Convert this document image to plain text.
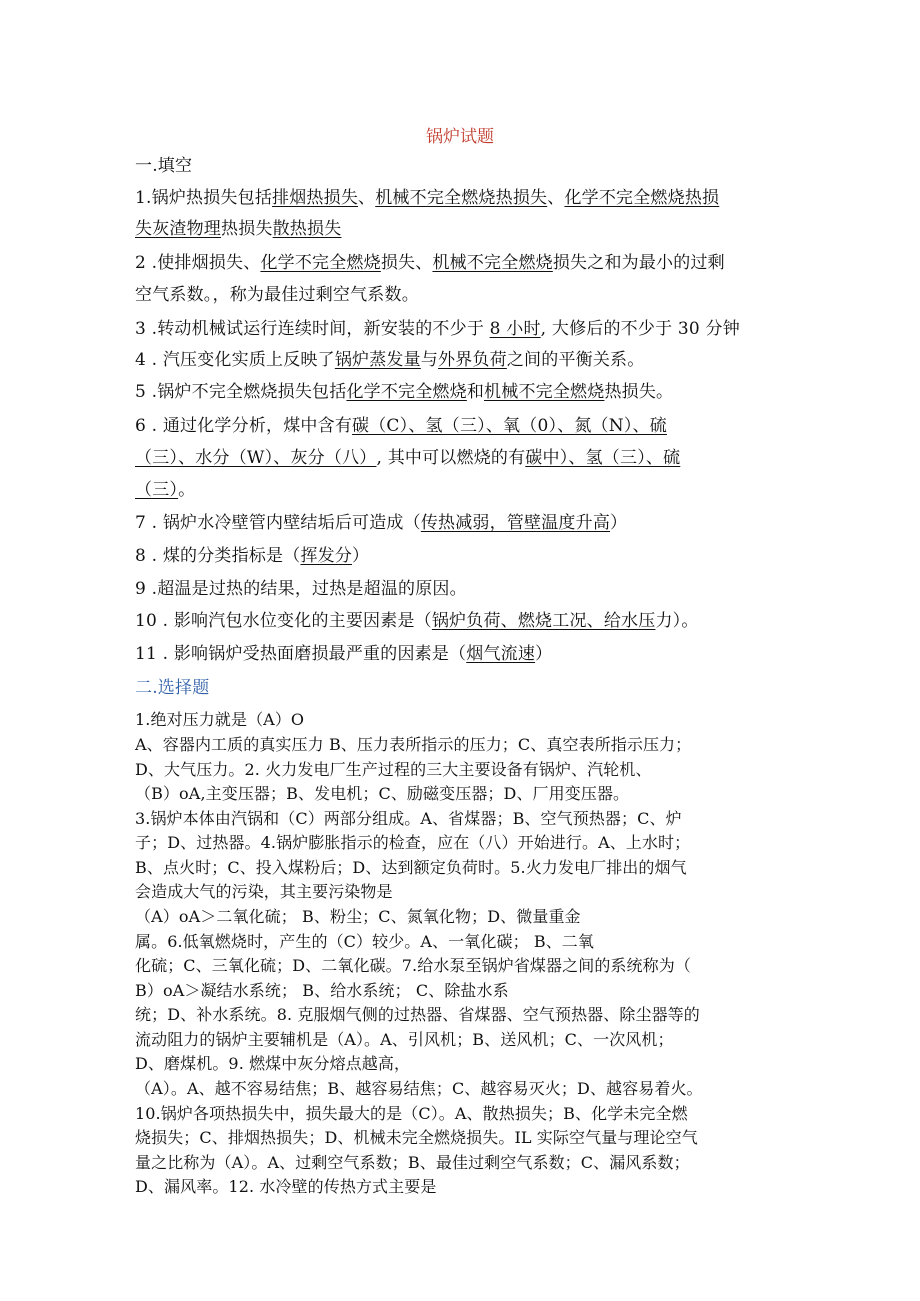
锅炉试题
一.填空
1.锅炉热损失包括排烟热损失、机械不完全燃烧热损失、化学不完全燃烧热损
失灰渣物理热损失散热损失
2 .使排烟损失、化学不完全燃烧损失、机械不完全燃烧损失之和为最小的过剩
空气系数。，称为最佳过剩空气系数。
3 .转动机械试运行连续时间，新安装的不少于 8 小时, 大修后的不少于 30 分钟
4 . 汽压变化实质上反映了锅炉蒸发量与外界负荷之间的平衡关系。
5 .锅炉不完全燃烧损失包括化学不完全燃烧和机械不完全燃烧热损失。
6 . 通过化学分析，煤中含有碳（C）、氢（三）、氧（0）、氮（N）、硫
（三）、水分（W）、灰分（八）, 其中可以燃烧的有碳中）、氢（三）、硫
（三）。
7 . 锅炉水冷壁管内壁结垢后可造成（传热减弱，管壁温度升高）
8 . 煤的分类指标是（挥发分）
9 .超温是过热的结果，过热是超温的原因。
10 . 影响汽包水位变化的主要因素是（锅炉负荷、燃烧工况、给水压力）。
11 . 影响锅炉受热面磨损最严重的因素是（烟气流速）
二.选择题
1.绝对压力就是（A）O
A、容器内工质的真实压力 B、压力表所指示的压力；C、真空表所指示压力；
D、大气压力。2. 火力发电厂生产过程的三大主要设备有锅炉、汽轮机、
（B）oA,主变压器；B、发电机；C、励磁变压器；D、厂用变压器。
3.锅炉本体由汽锅和（C）两部分组成。A、省煤器；B、空气预热器；C、炉
子；D、过热器。4.锅炉膨胀指示的检查，应在（八）开始进行。A、上水时；
B、点火时；C、投入煤粉后；D、达到额定负荷时。5.火力发电厂排出的烟气
会造成大气的污染，其主要污染物是
（A）oA＞二氧化硫； B、粉尘；C、氮氧化物；D、微量重金
属。6.低氧燃烧时，产生的（C）较少。A、一氧化碳； B、二氧
化硫；C、三氧化硫；D、二氧化碳。7.给水泵至锅炉省煤器之间的系统称为（
B）oA＞凝结水系统； B、给水系统； C、除盐水系
统；D、补水系统。8. 克服烟气侧的过热器、省煤器、空气预热器、除尘器等的
流动阻力的锅炉主要辅机是（A）。A、引风机；B、送风机；C、一次风机；
D、磨煤机。9. 燃煤中灰分熔点越高，
（A）。A、越不容易结焦；B、越容易结焦；C、越容易灭火；D、越容易着火。
10.锅炉各项热损失中，损失最大的是（C）。A、散热损失；B、化学未完全燃
烧损失；C、排烟热损失；D、机械未完全燃烧损失。IL 实际空气量与理论空气
量之比称为（A）。A、过剩空气系数；B、最佳过剩空气系数；C、漏风系数；
D、漏风率。12. 水冷壁的传热方式主要是
